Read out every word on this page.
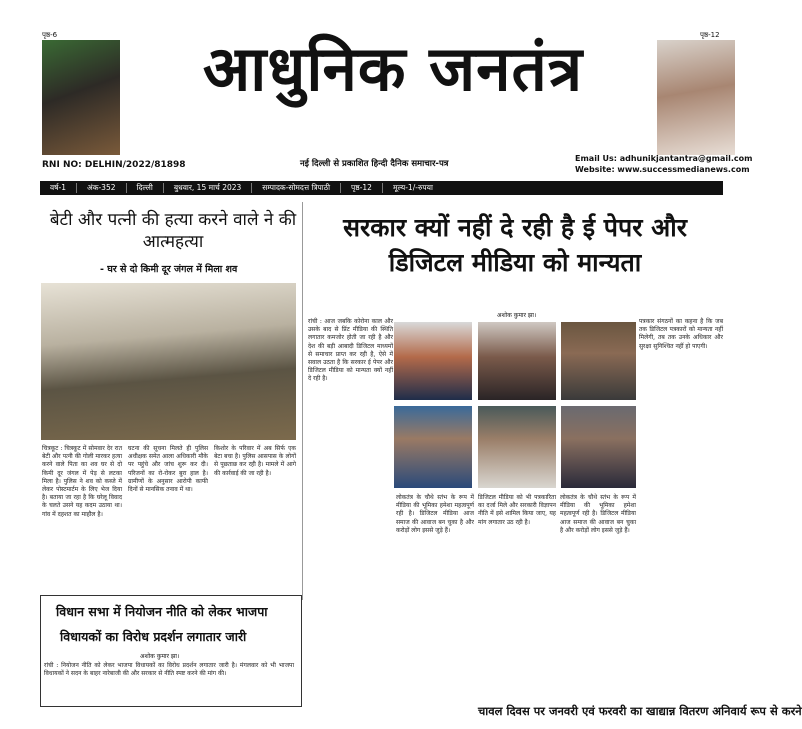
पृष्ठ-6	पृष्ठ-12
आधुनिक जनतंत्र
नई दिल्ली से प्रकाशित हिन्दी दैनिक समाचार-पत्र
RNI NO: DELHIN/2022/81898
Email Us: adhunikjantantra@gmail.com
Website: www.successmedianews.com
वर्ष-1	अंक-352	दिल्ली	बुधवार, 15 मार्च 2023	सम्पादक-सोमदत्त त्रिपाठी	पृष्ठ-12	मूल्य-1/-रुपया
बेटी और पत्नी की हत्या करने वाले ने की आत्महत्या
- घर से दो किमी दूर जंगल में मिला शव
चित्रकूट : चित्रकूट में सोमवार देर रात बेटी और पत्नी की गोली मारकर हत्या करने वाले पिता का शव घर से दो किमी दूर जंगल में पेड़ से लटका मिला है। पुलिस ने शव को कब्जे में लेकर पोस्टमार्टम के लिए भेज दिया है। बताया जा रहा है कि घरेलू विवाद के चलते उसने यह कदम उठाया था। गांव में दहशत का माहौल है।
घटना की सूचना मिलते ही पुलिस अधीक्षक समेत आला अधिकारी मौके पर पहुंचे और जांच शुरू कर दी। परिजनों का रो-रोकर बुरा हाल है। ग्रामीणों के अनुसार आरोपी काफी दिनों से मानसिक तनाव में था।
किशोर के परिवार में अब सिर्फ एक बेटा बचा है। पुलिस आसपास के लोगों से पूछताछ कर रही है। मामले में आगे की कार्रवाई की जा रही है।
सरकार क्यों नहीं दे रही है ई पेपर और डिजिटल मीडिया को मान्यता
अशोक कुमार झा।
रांची : आज जबकि कोरोना काल और उसके बाद से प्रिंट मीडिया की स्थिति लगातार कमजोर होती जा रही है और देश की बड़ी आबादी डिजिटल माध्यमों से समाचार प्राप्त कर रही है, ऐसे में सवाल उठता है कि सरकार ई पेपर और डिजिटल मीडिया को मान्यता क्यों नहीं दे रही है।
पत्रकार संगठनों का कहना है कि जब तक डिजिटल पत्रकारों को मान्यता नहीं मिलेगी, तब तक उनके अधिकार और सुरक्षा सुनिश्चित नहीं हो पाएगी।
लोकतंत्र के चौथे स्तंभ के रूप में मीडिया की भूमिका हमेशा महत्वपूर्ण रही है। डिजिटल मीडिया आज समाज की आवाज बन चुका है और करोड़ों लोग इससे जुड़े हैं।
डिजिटल मीडिया को भी पत्रकारिता का दर्जा मिले और सरकारी विज्ञापन नीति में इसे शामिल किया जाए, यह मांग लगातार उठ रही है।
लोकतंत्र के चौथे स्तंभ के रूप में मीडिया की भूमिका हमेशा महत्वपूर्ण रही है। डिजिटल मीडिया आज समाज की आवाज बन चुका है और करोड़ों लोग इससे जुड़े हैं।
विधान सभा में नियोजन नीति को लेकर भाजपा
विधायकों का विरोध प्रदर्शन लगातार जारी
अशोक कुमार झा।
रांची : नियोजन नीति को लेकर भाजपा विधायकों का विरोध प्रदर्शन लगातार जारी है। मंगलवार को भी भाजपा विधायकों ने सदन के बाहर नारेबाजी की और सरकार से नीति स्पष्ट करने की मांग की।
चावल दिवस पर जनवरी एवं फरवरी का खाद्यान्न वितरण अनिवार्य रूप से करने
